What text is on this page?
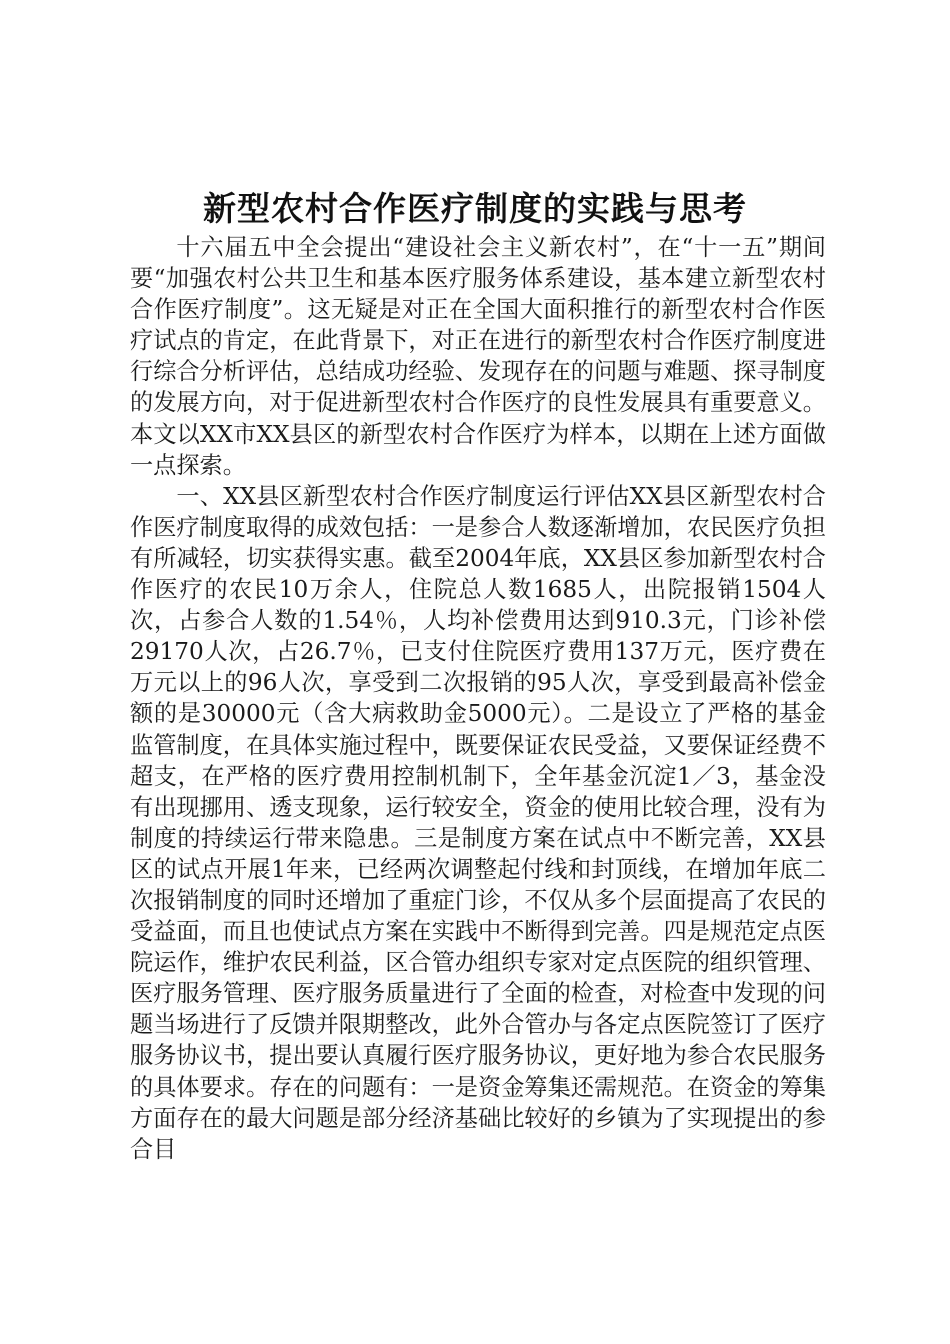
新型农村合作医疗制度的实践与思考

十六届五中全会提出“建设社会主义新农村”，在“十一五”期间要“加强农村公共卫生和基本医疗服务体系建设，基本建立新型农村合作医疗制度”。这无疑是对正在全国大面积推行的新型农村合作医疗试点的肯定，在此背景下，对正在进行的新型农村合作医疗制度进行综合分析评估，总结成功经验、发现存在的问题与难题、探寻制度的发展方向，对于促进新型农村合作医疗的良性发展具有重要意义。本文以XX市XX县区的新型农村合作医疗为样本，以期在上述方面做一点探索。

一、XX县区新型农村合作医疗制度运行评估XX县区新型农村合作医疗制度取得的成效包括：一是参合人数逐渐增加，农民医疗负担有所减轻，切实获得实惠。截至2004年底，XX县区参加新型农村合作医疗的农民10万余人，住院总人数1685人，出院报销1504人次，占参合人数的1.54％，人均补偿费用达到910.3元，门诊补偿29170人次，占26.7％，已支付住院医疗费用137万元，医疗费在万元以上的96人次，享受到二次报销的95人次，享受到最高补偿金额的是30000元（含大病救助金5000元）。二是设立了严格的基金监管制度，在具体实施过程中，既要保证农民受益，又要保证经费不超支，在严格的医疗费用控制机制下，全年基金沉淀1／3，基金没有出现挪用、透支现象，运行较安全，资金的使用比较合理，没有为制度的持续运行带来隐患。三是制度方案在试点中不断完善，XX县区的试点开展1年来，已经两次调整起付线和封顶线，在增加年底二次报销制度的同时还增加了重症门诊，不仅从多个层面提高了农民的受益面，而且也使试点方案在实践中不断得到完善。四是规范定点医院运作，维护农民利益，区合管办组织专家对定点医院的组织管理、医疗服务管理、医疗服务质量进行了全面的检查，对检查中发现的问题当场进行了反馈并限期整改，此外合管办与各定点医院签订了医疗服务协议书，提出要认真履行医疗服务协议，更好地为参合农民服务的具体要求。存在的问题有：一是资金筹集还需规范。在资金的筹集方面存在的最大问题是部分经济基础比较好的乡镇为了实现提出的参合目
